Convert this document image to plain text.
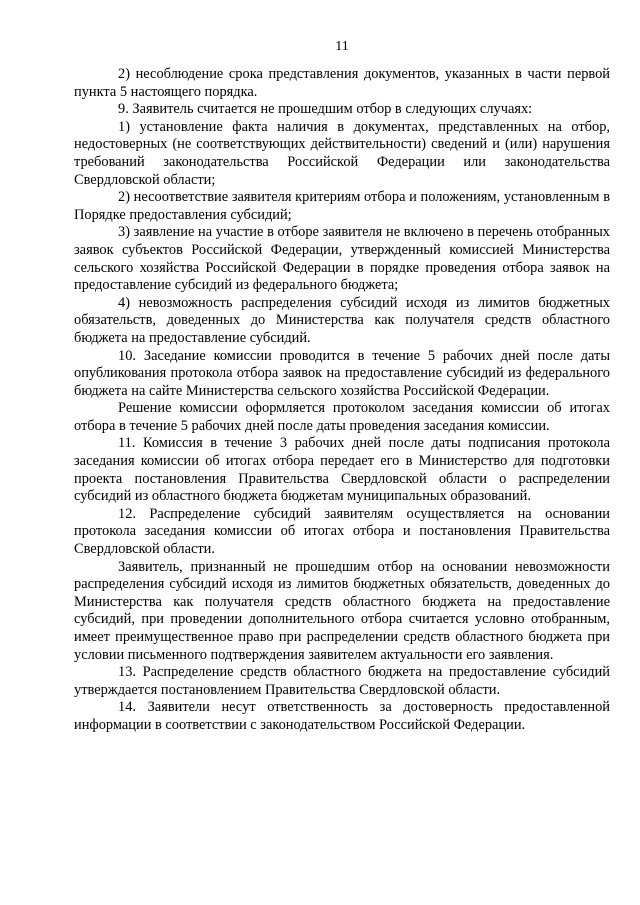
11

2) несоблюдение срока представления документов, указанных в части первой пункта 5 настоящего порядка.

9. Заявитель считается не прошедшим отбор в следующих случаях:

1) установление факта наличия в документах, представленных на отбор, недостоверных (не соответствующих действительности) сведений и (или) нарушения требований законодательства Российской Федерации или законодательства Свердловской области;

2) несоответствие заявителя критериям отбора и положениям, установленным в Порядке предоставления субсидий;

3) заявление на участие в отборе заявителя не включено в перечень отобранных заявок субъектов Российской Федерации, утвержденный комиссией Министерства сельского хозяйства Российской Федерации в порядке проведения отбора заявок на предоставление субсидий из федерального бюджета;

4) невозможность распределения субсидий исходя из лимитов бюджетных обязательств, доведенных до Министерства как получателя средств областного бюджета на предоставление субсидий.

10. Заседание комиссии проводится в течение 5 рабочих дней после даты опубликования протокола отбора заявок на предоставление субсидий из федерального бюджета на сайте Министерства сельского хозяйства Российской Федерации.

Решение комиссии оформляется протоколом заседания комиссии об итогах отбора в течение 5 рабочих дней после даты проведения заседания комиссии.

11. Комиссия в течение 3 рабочих дней после даты подписания протокола заседания комиссии об итогах отбора передает его в Министерство для подготовки проекта постановления Правительства Свердловской области о распределении субсидий из областного бюджета бюджетам муниципальных образований.

12. Распределение субсидий заявителям осуществляется на основании протокола заседания комиссии об итогах отбора и постановления Правительства Свердловской области.

Заявитель, признанный не прошедшим отбор на основании невозможности распределения субсидий исходя из лимитов бюджетных обязательств, доведенных до Министерства как получателя средств областного бюджета на предоставление субсидий, при проведении дополнительного отбора считается условно отобранным, имеет преимущественное право при распределении средств областного бюджета при условии письменного подтверждения заявителем актуальности его заявления.

13. Распределение средств областного бюджета на предоставление субсидий утверждается постановлением Правительства Свердловской области.

14. Заявители несут ответственность за достоверность предоставленной информации в соответствии с законодательством Российской Федерации.
